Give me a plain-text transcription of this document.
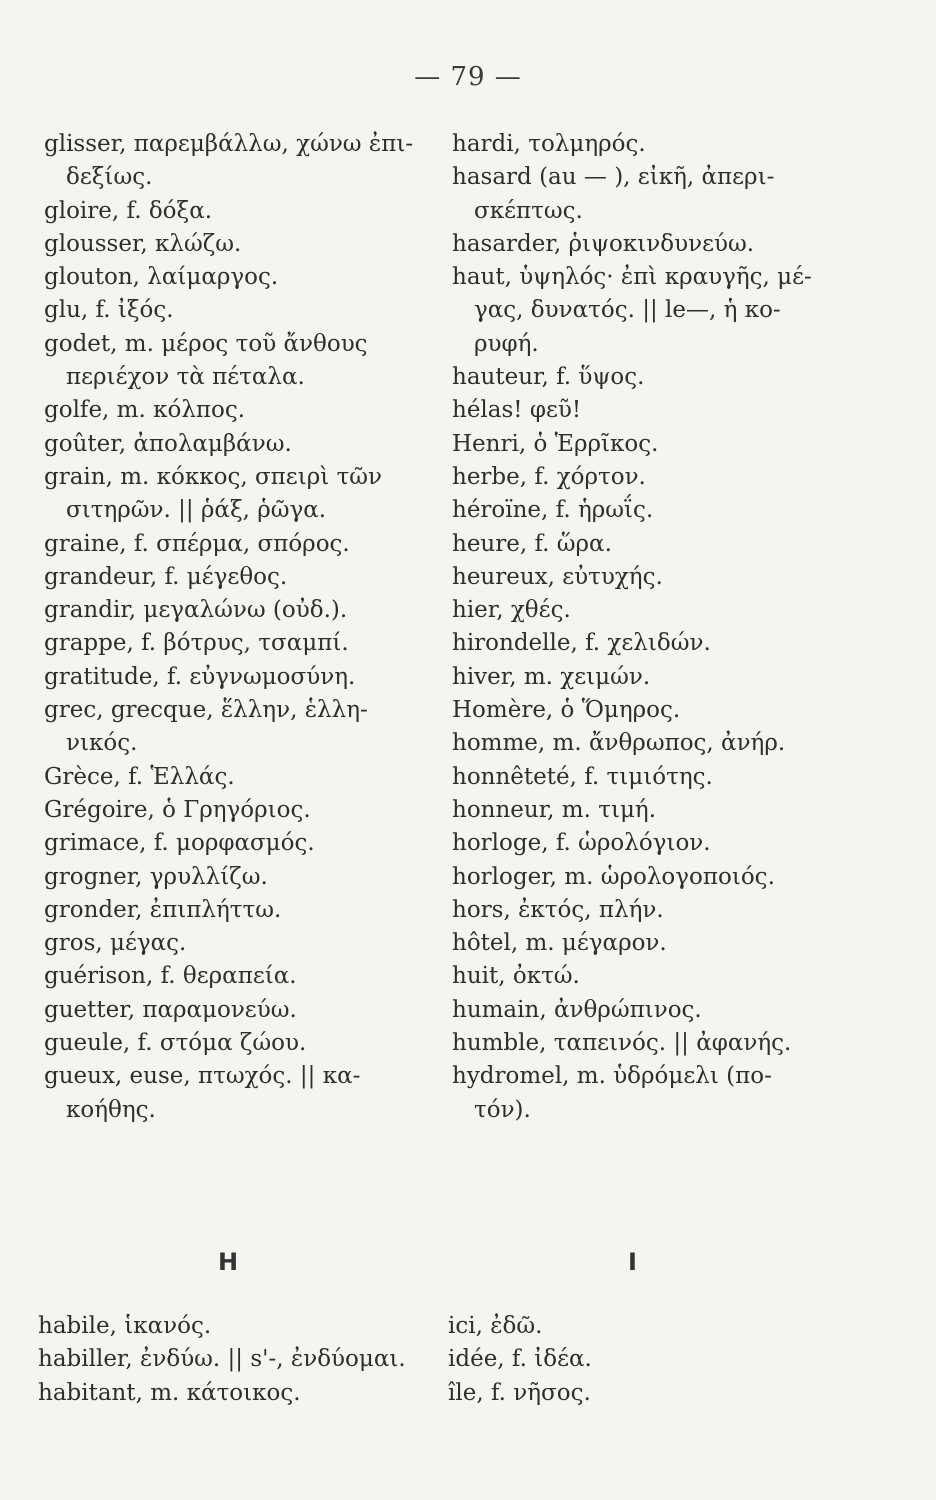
— 79 —
glisser, παρεμβάλλω, χώνω ἐπι-
δεξίως.
gloire, f. δόξα.
glousser, κλώζω.
glouton, λαίμαργος.
glu, f. ἰξός.
godet, m. μέρος τοῦ ἄνθους
περιέχον τὰ πέταλα.
golfe, m. κόλπος.
goûter, ἀπολαμβάνω.
grain, m. κόκκος, σπειρὶ τῶν
σιτηρῶν. || ῥάξ, ῥῶγα.
graine, f. σπέρμα, σπόρος.
grandeur, f. μέγεθος.
grandir, μεγαλώνω (οὐδ.).
grappe, f. βότρυς, τσαμπί.
gratitude, f. εὐγνωμοσύνη.
grec, grecque, ἕλλην, ἑλλη-
νικός.
Grèce, f. Ἑλλάς.
Grégoire, ὁ Γρηγόριος.
grimace, f. μορφασμός.
grogner, γρυλλίζω.
gronder, ἐπιπλήττω.
gros, μέγας.
guérison, f. θεραπεία.
guetter, παραμονεύω.
gueule, f. στόμα ζώου.
gueux, euse, πτωχός. || κα-
κοήθης.
hardi, τολμηρός.
hasard (au — ), εἰκῆ, ἀπερι-
σκέπτως.
hasarder, ῥιψοκινδυνεύω.
haut, ὑψηλός· ἐπὶ κραυγῆς, μέ-
γας, δυνατός. || le—, ἡ κο-
ρυφή.
hauteur, f. ὕψος.
hélas! φεῦ!
Henri, ὁ Ἑρρῖκος.
herbe, f. χόρτον.
héroïne, f. ἡρωΐς.
heure, f. ὥρα.
heureux, εὐτυχής.
hier, χθές.
hirondelle, f. χελιδών.
hiver, m. χειμών.
Homère, ὁ Ὅμηρος.
homme, m. ἄνθρωπος, ἀνήρ.
honnêteté, f. τιμιότης.
honneur, m. τιμή.
horloge, f. ὡρολόγιον.
horloger, m. ὡρολογοποιός.
hors, ἐκτός, πλήν.
hôtel, m. μέγαρον.
huit, ὀκτώ.
humain, ἀνθρώπινος.
humble, ταπεινός. || ἀφανής.
hydromel, m. ὑδρόμελι (πο-
τόν).
H	I
habile, ἱκανός.
habiller, ἐνδύω. || s'-, ἐνδύομαι.
habitant, m. κάτοικος.
ici, ἐδῶ.
idée, f. ἰδέα.
île, f. νῆσος.
